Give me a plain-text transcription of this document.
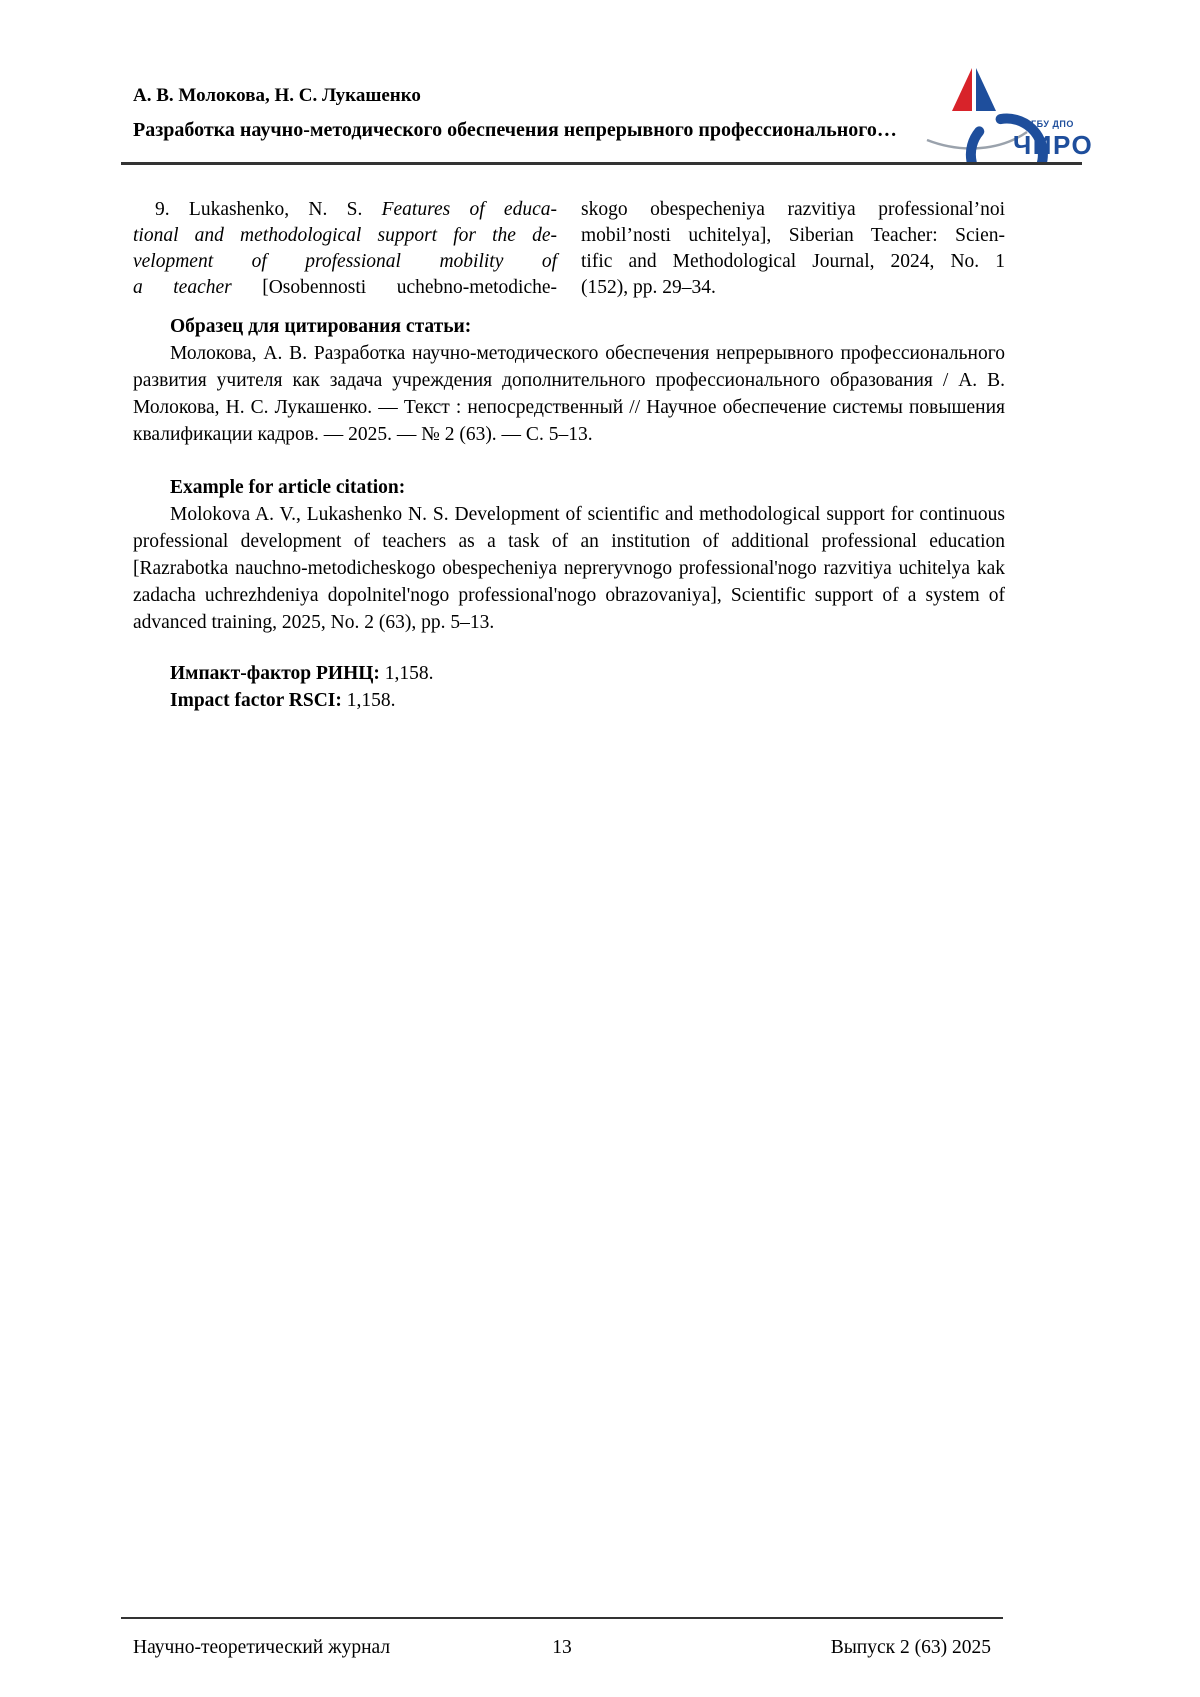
А. В. Молокова, Н. С. Лукашенко
Разработка научно-методического обеспечения непрерывного профессионального…	ГБУ ДПО
ЧИРО
9. Lukashenko, N. S. Features of educa-
tional and methodological support for the de-
velopment of professional mobility of
a teacher [Osobennosti uchebno-metodiche-
skogo obespecheniya razvitiya professional’noi
mobil’nosti uchitelya], Siberian Teacher: Scien-
tific and Methodological Journal, 2024, No. 1
(152), pp. 29–34.

Образец для цитирования статьи:

Молокова, А. В. Разработка научно-методического обеспечения непрерывного профессионального развития учителя как задача учреждения дополнительного профессионального образования / А. В. Молокова, Н. С. Лукашенко. — Текст : непосредственный // Научное обеспечение системы повышения квалификации кадров. — 2025. — № 2 (63). — С. 5–13.

Example for article citation:

Molokova A. V., Lukashenko N. S. Development of scientific and methodological support for continuous professional development of teachers as a task of an institution of additional professional education [Razrabotka nauchno-metodicheskogo obespecheniya nepreryvnogo professional'nogo razvitiya uchitelya kak zadacha uchrezhdeniya dopolnitel'nogo professional'nogo obrazovaniya], Scientific support of a system of advanced training, 2025, No. 2 (63), pp. 5–13.

Импакт-фактор РИНЦ: 1,158.

Impact factor RSCI: 1,158.

Научно-теоретический журнал	13	Выпуск 2 (63) 2025
